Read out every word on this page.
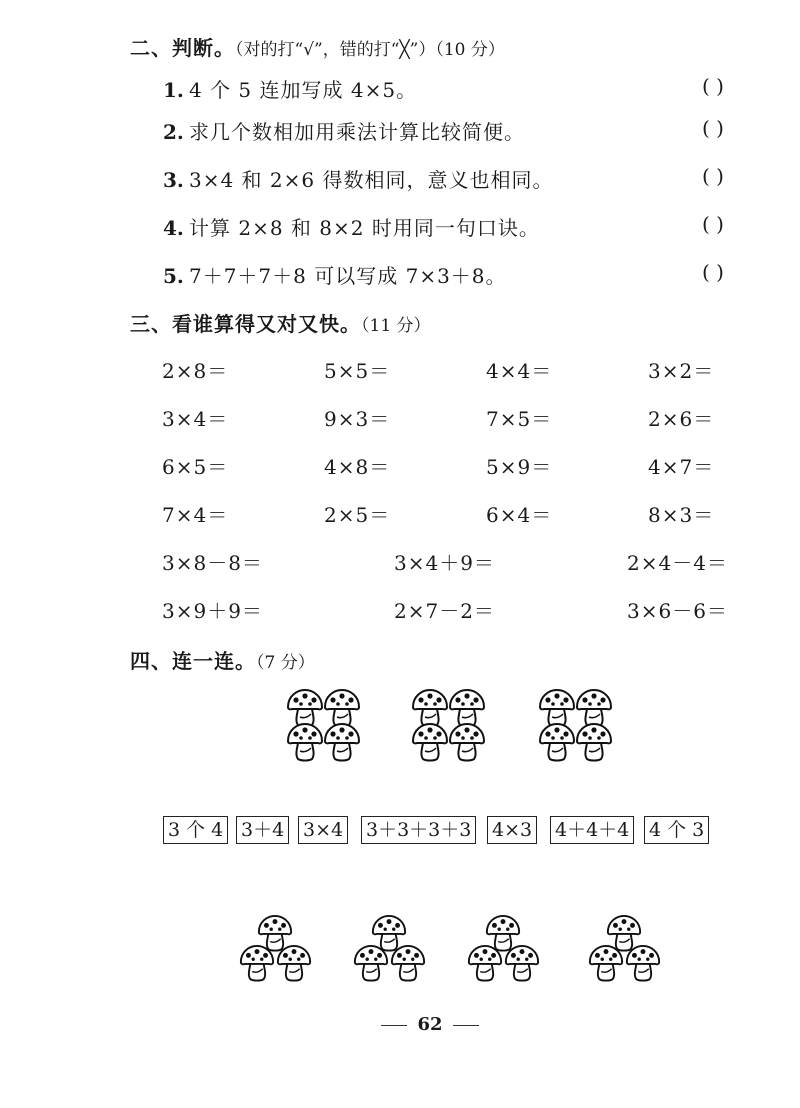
二、判断。（对的打“√”，错的打“╳”）（10 分）
1. 4 个 5 连加写成 4×5。	( )
2. 求几个数相加用乘法计算比较简便。	( )
3. 3×4 和 2×6 得数相同，意义也相同。	( )
4. 计算 2×8 和 8×2 时用同一句口诀。	( )
5. 7＋7＋7＋8 可以写成 7×3＋8。	( )
三、看谁算得又对又快。（11 分）
2×8＝	5×5＝	4×4＝	3×2＝
3×4＝	9×3＝	7×5＝	2×6＝
6×5＝	4×8＝	5×9＝	4×7＝
7×4＝	2×5＝	6×4＝	8×3＝
3×8－8＝	3×4＋9＝	2×4－4＝
3×9＋9＝	2×7－2＝	3×6－6＝
四、连一连。（7 分）
3 个 4 3＋4 3×4 3＋3＋3＋3 4×3 4＋4＋4 4 个 3
62
